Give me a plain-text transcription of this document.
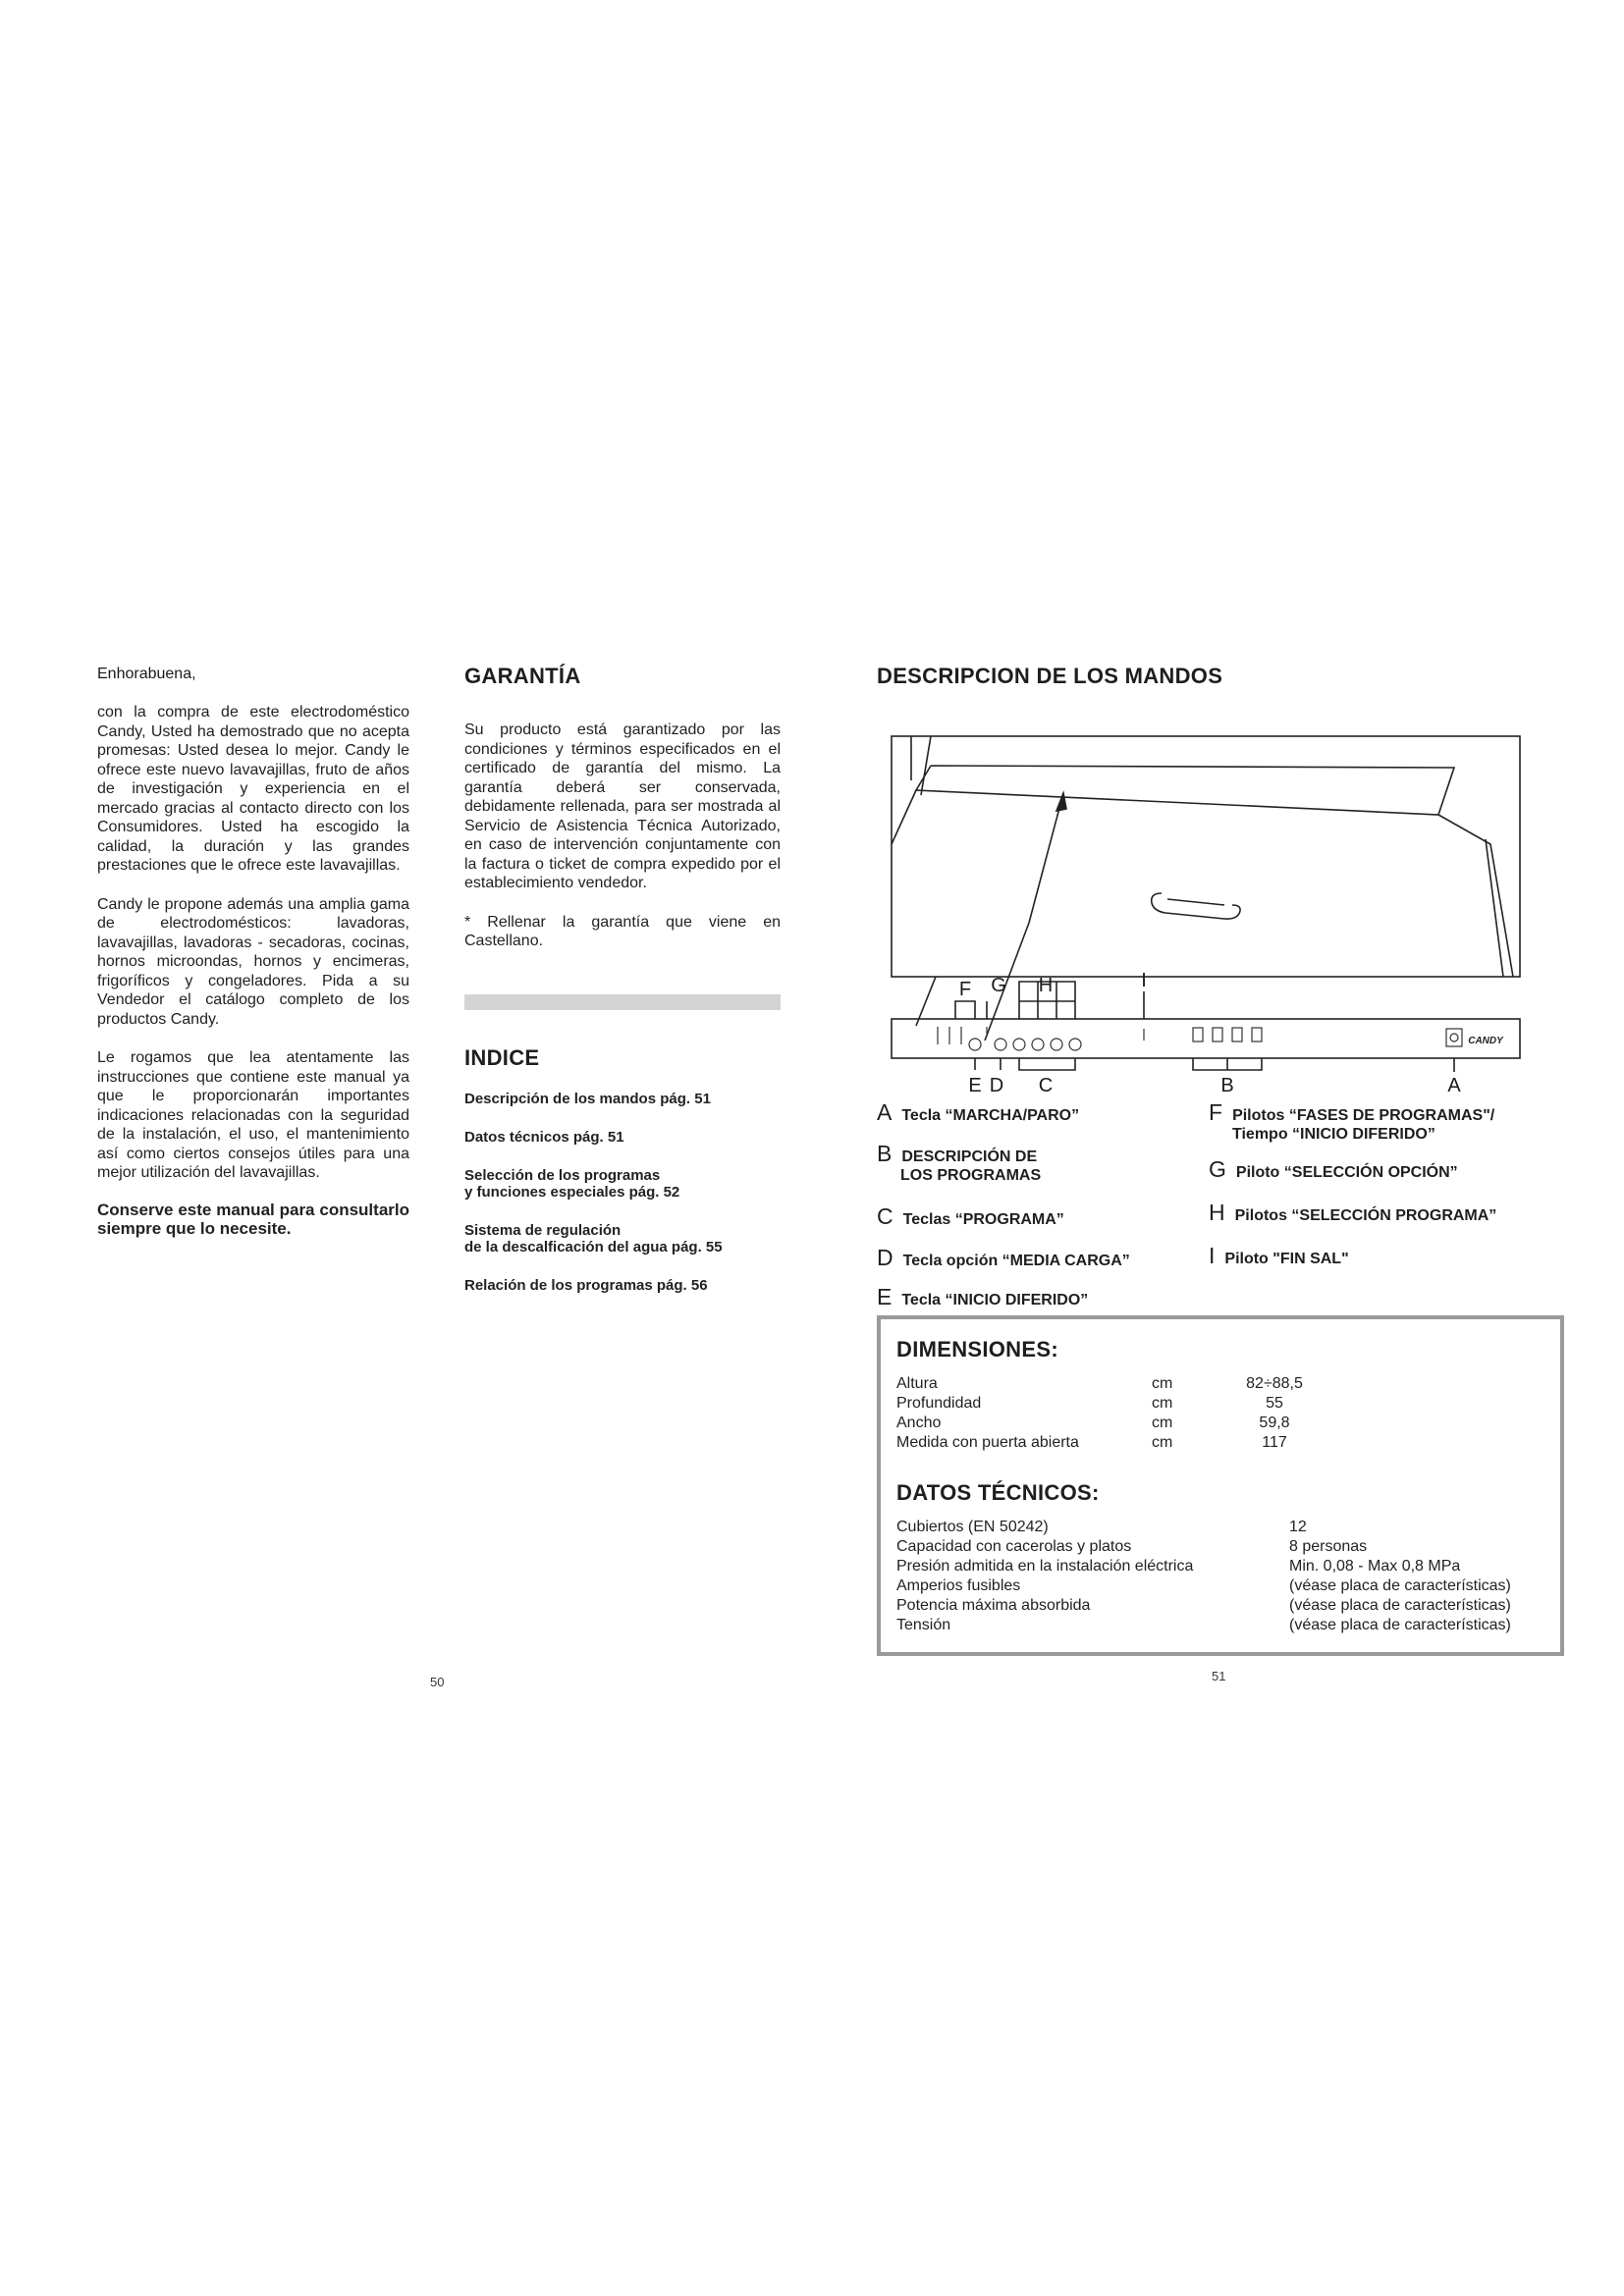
Enhorabuena,

con la compra de este electrodoméstico Candy, Usted ha demostrado que no acepta promesas: Usted desea lo mejor. Candy le ofrece este nuevo lavavajillas, fruto de años de investigación y experiencia en el mercado gracias al contacto directo con los Consumidores. Usted ha escogido la calidad, la duración y las grandes prestaciones que le ofrece este lavavajillas.

Candy le propone además una amplia gama de electrodomésticos: lavadoras, lavavajillas, lavadoras - secadoras, cocinas, hornos microondas, hornos y encimeras, frigoríficos y congeladores. Pida a su Vendedor el catálogo completo de los productos Candy.

Le rogamos que lea atentamente las instrucciones que contiene este manual ya que le proporcionarán importantes indicaciones relacionadas con la seguridad de la instalación, el uso, el mantenimiento así como ciertos consejos útiles para una mejor utilización del lavavajillas.

Conserve este manual para consultarlo siempre que lo necesite.

GARANTÍA

Su producto está garantizado por las condiciones y términos especificados en el certificado de garantía del mismo. La garantía deberá ser conservada, debidamente rellenada, para ser mostrada al Servicio de Asistencia Técnica Autorizado, en caso de intervención conjuntamente con la factura o ticket de compra expedido por el establecimiento vendedor.

* Rellenar la garantía que viene en Castellano.

INDICE
Descripción de los mandos pág. 51
Datos técnicos pág. 51
Selección de los programas
y funciones especiales pág. 52
Sistema de regulación
de la descalficación del agua pág. 55
Relación de los programas pág. 56
DESCRIPCION DE LOS MANDOS
CANDY
F G H	I
E D C	B	A
A Tecla “MARCHA/PARO”
B DESCRIPCIÓN DE
LOS PROGRAMAS
C Teclas “PROGRAMA”
D Tecla opción “MEDIA CARGA”
E Tecla “INICIO DIFERIDO”
F Pilotos “FASES DE PROGRAMAS"/
Tiempo “INICIO DIFERIDO”
G Piloto “SELECCIÓN OPCIÓN”
H Pilotos “SELECCIÓN PROGRAMA”
I Piloto "FIN SAL"
DIMENSIONES:
Altura	cm	82÷88,5
Profundidad	cm	55
Ancho	cm	59,8
Medida con puerta abierta	cm	117
DATOS TÉCNICOS:
Cubiertos (EN 50242)	12
Capacidad con cacerolas y platos	8 personas
Presión admitida en la instalación eléctrica	Min. 0,08 - Max 0,8 MPa
Amperios fusibles	(véase placa de características)
Potencia máxima absorbida	(véase placa de características)
Tensión	(véase placa de características)
50	51
